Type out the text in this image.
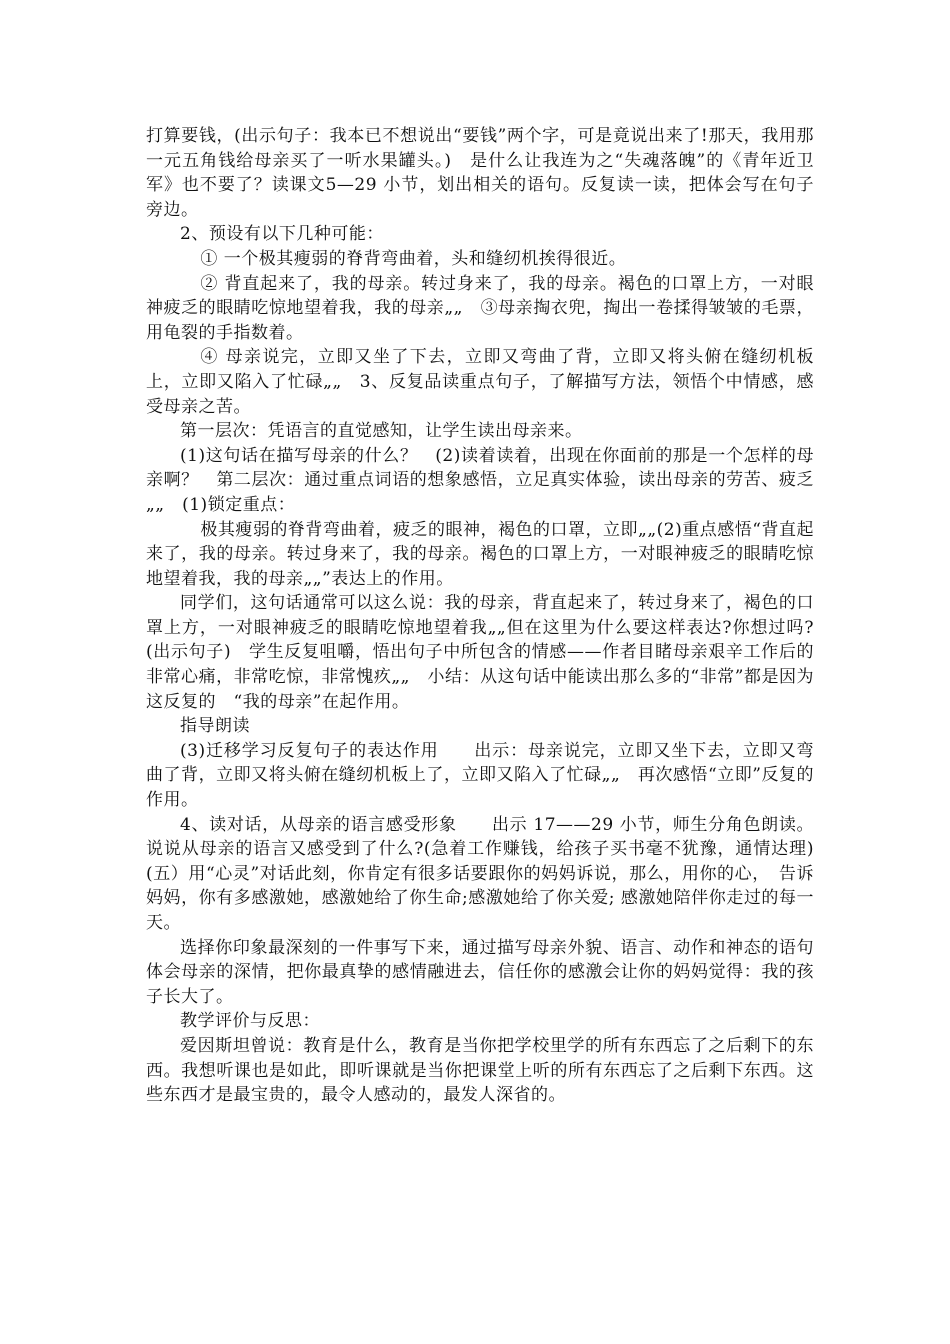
打算要钱，(出示句子：我本已不想说出“要钱”两个字，可是竟说出来了!那天，我用那一元五角钱给母亲买了一听水果罐头。)　是什么让我连为之“失魂落魄”的《青年近卫军》也不要了？读课文5—29 小节，划出相关的语句。反复读一读，把体会写在句子旁边。

2、预设有以下几种可能：

① 一个极其瘦弱的脊背弯曲着，头和缝纫机挨得很近。

② 背直起来了，我的母亲。转过身来了，我的母亲。褐色的口罩上方，一对眼神疲乏的眼睛吃惊地望着我，我的母亲„„　③母亲掏衣兜，掏出一卷揉得皱皱的毛票，用龟裂的手指数着。

④ 母亲说完，立即又坐了下去，立即又弯曲了背，立即又将头俯在缝纫机板上，立即又陷入了忙碌„„　3、反复品读重点句子，了解描写方法，领悟个中情感，感受母亲之苦。

第一层次：凭语言的直觉感知，让学生读出母亲来。

(1)这句话在描写母亲的什么？　(2)读着读着，出现在你面前的那是一个怎样的母亲啊？　第二层次：通过重点词语的想象感悟，立足真实体验，读出母亲的劳苦、疲乏„„　(1)锁定重点：

极其瘦弱的脊背弯曲着，疲乏的眼神，褐色的口罩，立即„„(2)重点感悟“背直起来了，我的母亲。转过身来了，我的母亲。褐色的口罩上方，一对眼神疲乏的眼睛吃惊地望着我，我的母亲„„”表达上的作用。

同学们，这句话通常可以这么说：我的母亲，背直起来了，转过身来了，褐色的口罩上方，一对眼神疲乏的眼睛吃惊地望着我„„但在这里为什么要这样表达?你想过吗?(出示句子)　学生反复咀嚼，悟出句子中所包含的情感——作者目睹母亲艰辛工作后的非常心痛，非常吃惊，非常愧疚„„　小结：从这句话中能读出那么多的“非常”都是因为这反复的　“我的母亲”在起作用。

指导朗读

(3)迁移学习反复句子的表达作用　　出示：母亲说完，立即又坐下去，立即又弯曲了背，立即又将头俯在缝纫机板上了，立即又陷入了忙碌„„　再次感悟“立即”反复的作用。

4、读对话，从母亲的语言感受形象　　出示 17——29 小节，师生分角色朗读。说说从母亲的语言又感受到了什么?(急着工作赚钱，给孩子买书毫不犹豫，通情达理)　　(五）用“心灵”对话此刻，你肯定有很多话要跟你的妈妈诉说，那么，用你的心，　告诉妈妈，你有多感激她，感激她给了你生命;感激她给了你关爱; 感激她陪伴你走过的每一天。

选择你印象最深刻的一件事写下来，通过描写母亲外貌、语言、动作和神态的语句体会母亲的深情，把你最真挚的感情融进去，信任你的感激会让你的妈妈觉得：我的孩子长大了。

教学评价与反思：

爱因斯坦曾说：教育是什么，教育是当你把学校里学的所有东西忘了之后剩下的东西。我想听课也是如此，即听课就是当你把课堂上听的所有东西忘了之后剩下东西。这些东西才是最宝贵的，最令人感动的，最发人深省的。
